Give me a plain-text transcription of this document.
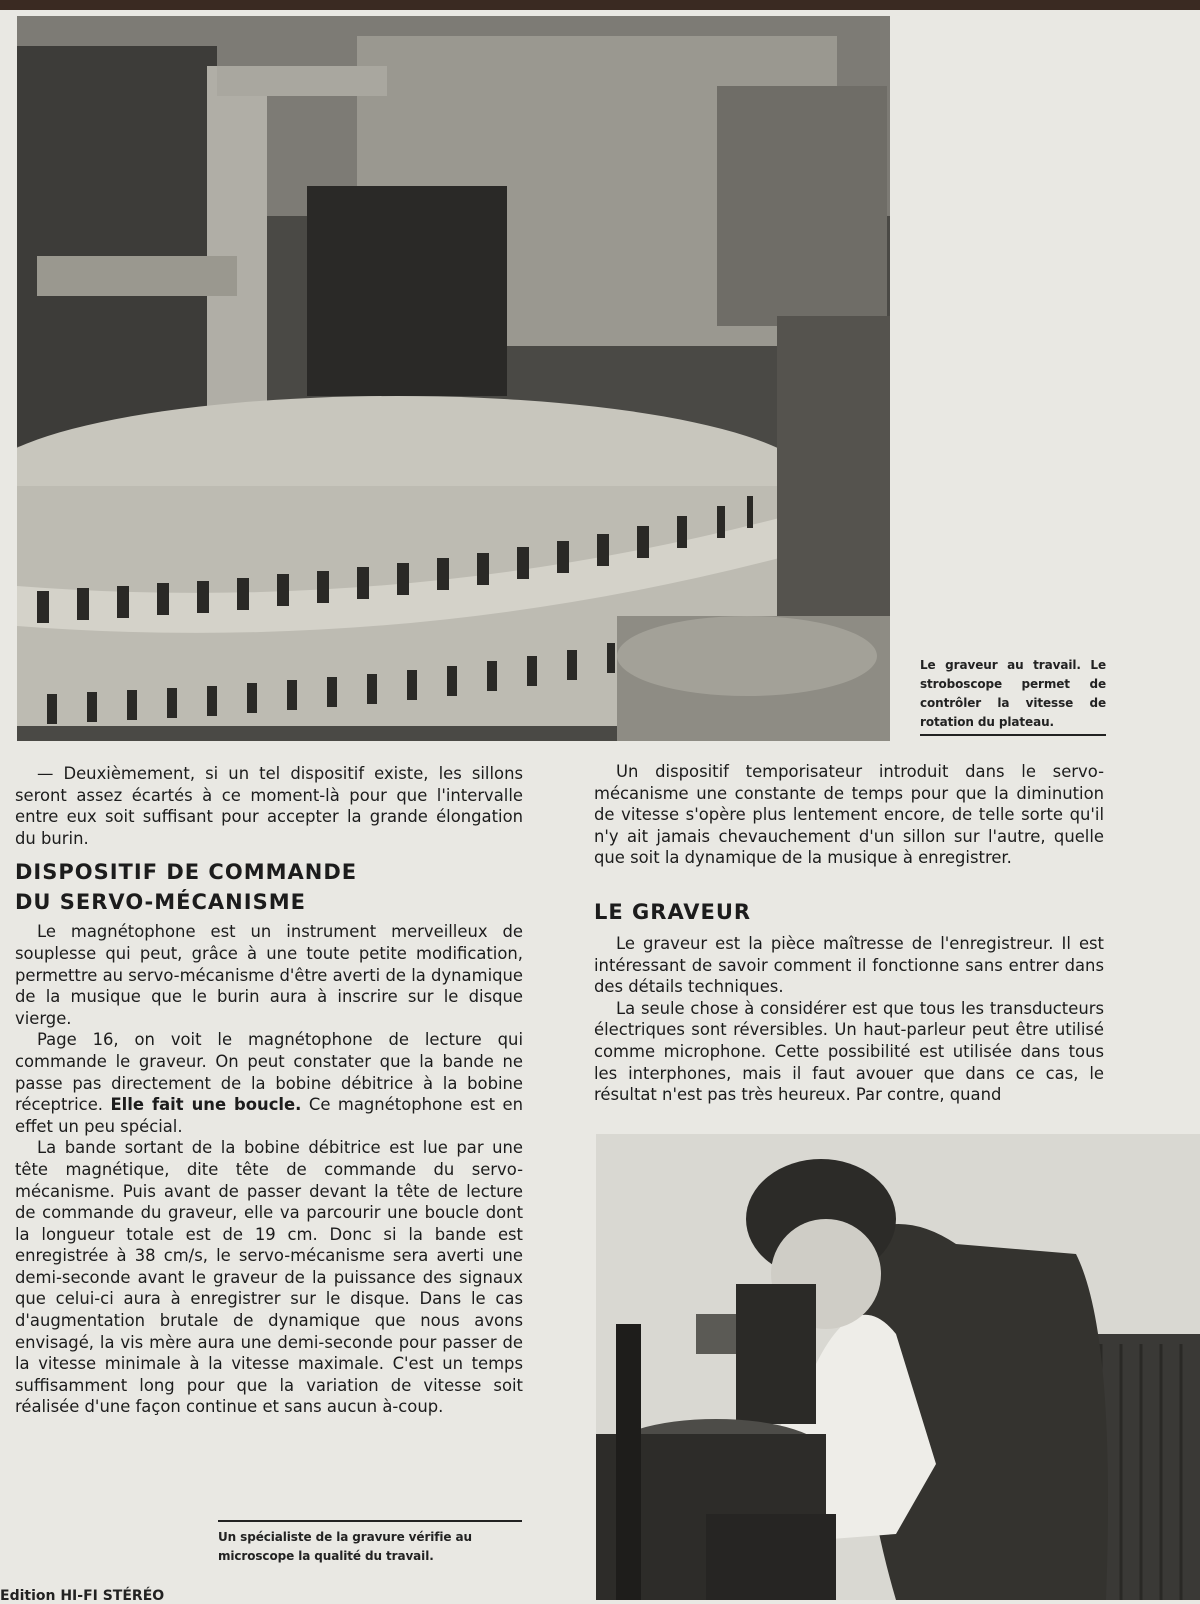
Le graveur au travail. Le stroboscope permet de contrôler la vitesse de rotation du plateau.

— Deuxièmement, si un tel dispositif existe, les sillons seront assez écartés à ce moment-là pour que l'intervalle entre eux soit suffisant pour accepter la grande élongation du burin.

DISPOSITIF DE COMMANDE
DU SERVO-MÉCANISME

Le magnétophone est un instrument merveilleux de souplesse qui peut, grâce à une toute petite modification, permettre au servo-mécanisme d'être averti de la dynamique de la musique que le burin aura à inscrire sur le disque vierge.

Page 16, on voit le magnétophone de lecture qui commande le graveur. On peut constater que la bande ne passe pas directement de la bobine débitrice à la bobine réceptrice. Elle fait une boucle. Ce magnétophone est en effet un peu spécial.

La bande sortant de la bobine débitrice est lue par une tête magnétique, dite tête de commande du servo-mécanisme. Puis avant de passer devant la tête de lecture de commande du graveur, elle va parcourir une boucle dont la longueur totale est de 19 cm. Donc si la bande est enregistrée à 38 cm/s, le servo-mécanisme sera averti une demi-seconde avant le graveur de la puissance des signaux que celui-ci aura à enregistrer sur le disque. Dans le cas d'augmentation brutale de dynamique que nous avons envisagé, la vis mère aura une demi-seconde pour passer de la vitesse minimale à la vitesse maximale. C'est un temps suffisamment long pour que la variation de vitesse soit réalisée d'une façon continue et sans aucun à-coup.

Un dispositif temporisateur introduit dans le servo-mécanisme une constante de temps pour que la diminution de vitesse s'opère plus lentement encore, de telle sorte qu'il n'y ait jamais chevauchement d'un sillon sur l'autre, quelle que soit la dynamique de la musique à enregistrer.

LE GRAVEUR

Le graveur est la pièce maîtresse de l'enregistreur. Il est intéressant de savoir comment il fonctionne sans entrer dans des détails techniques.

La seule chose à considérer est que tous les transducteurs électriques sont réversibles. Un haut-parleur peut être utilisé comme microphone. Cette possibilité est utilisée dans tous les interphones, mais il faut avouer que dans ce cas, le résultat n'est pas très heureux. Par contre, quand

Un spécialiste de la gravure vérifie au microscope la qualité du travail.
Edition HI-FI STÉRÉO
